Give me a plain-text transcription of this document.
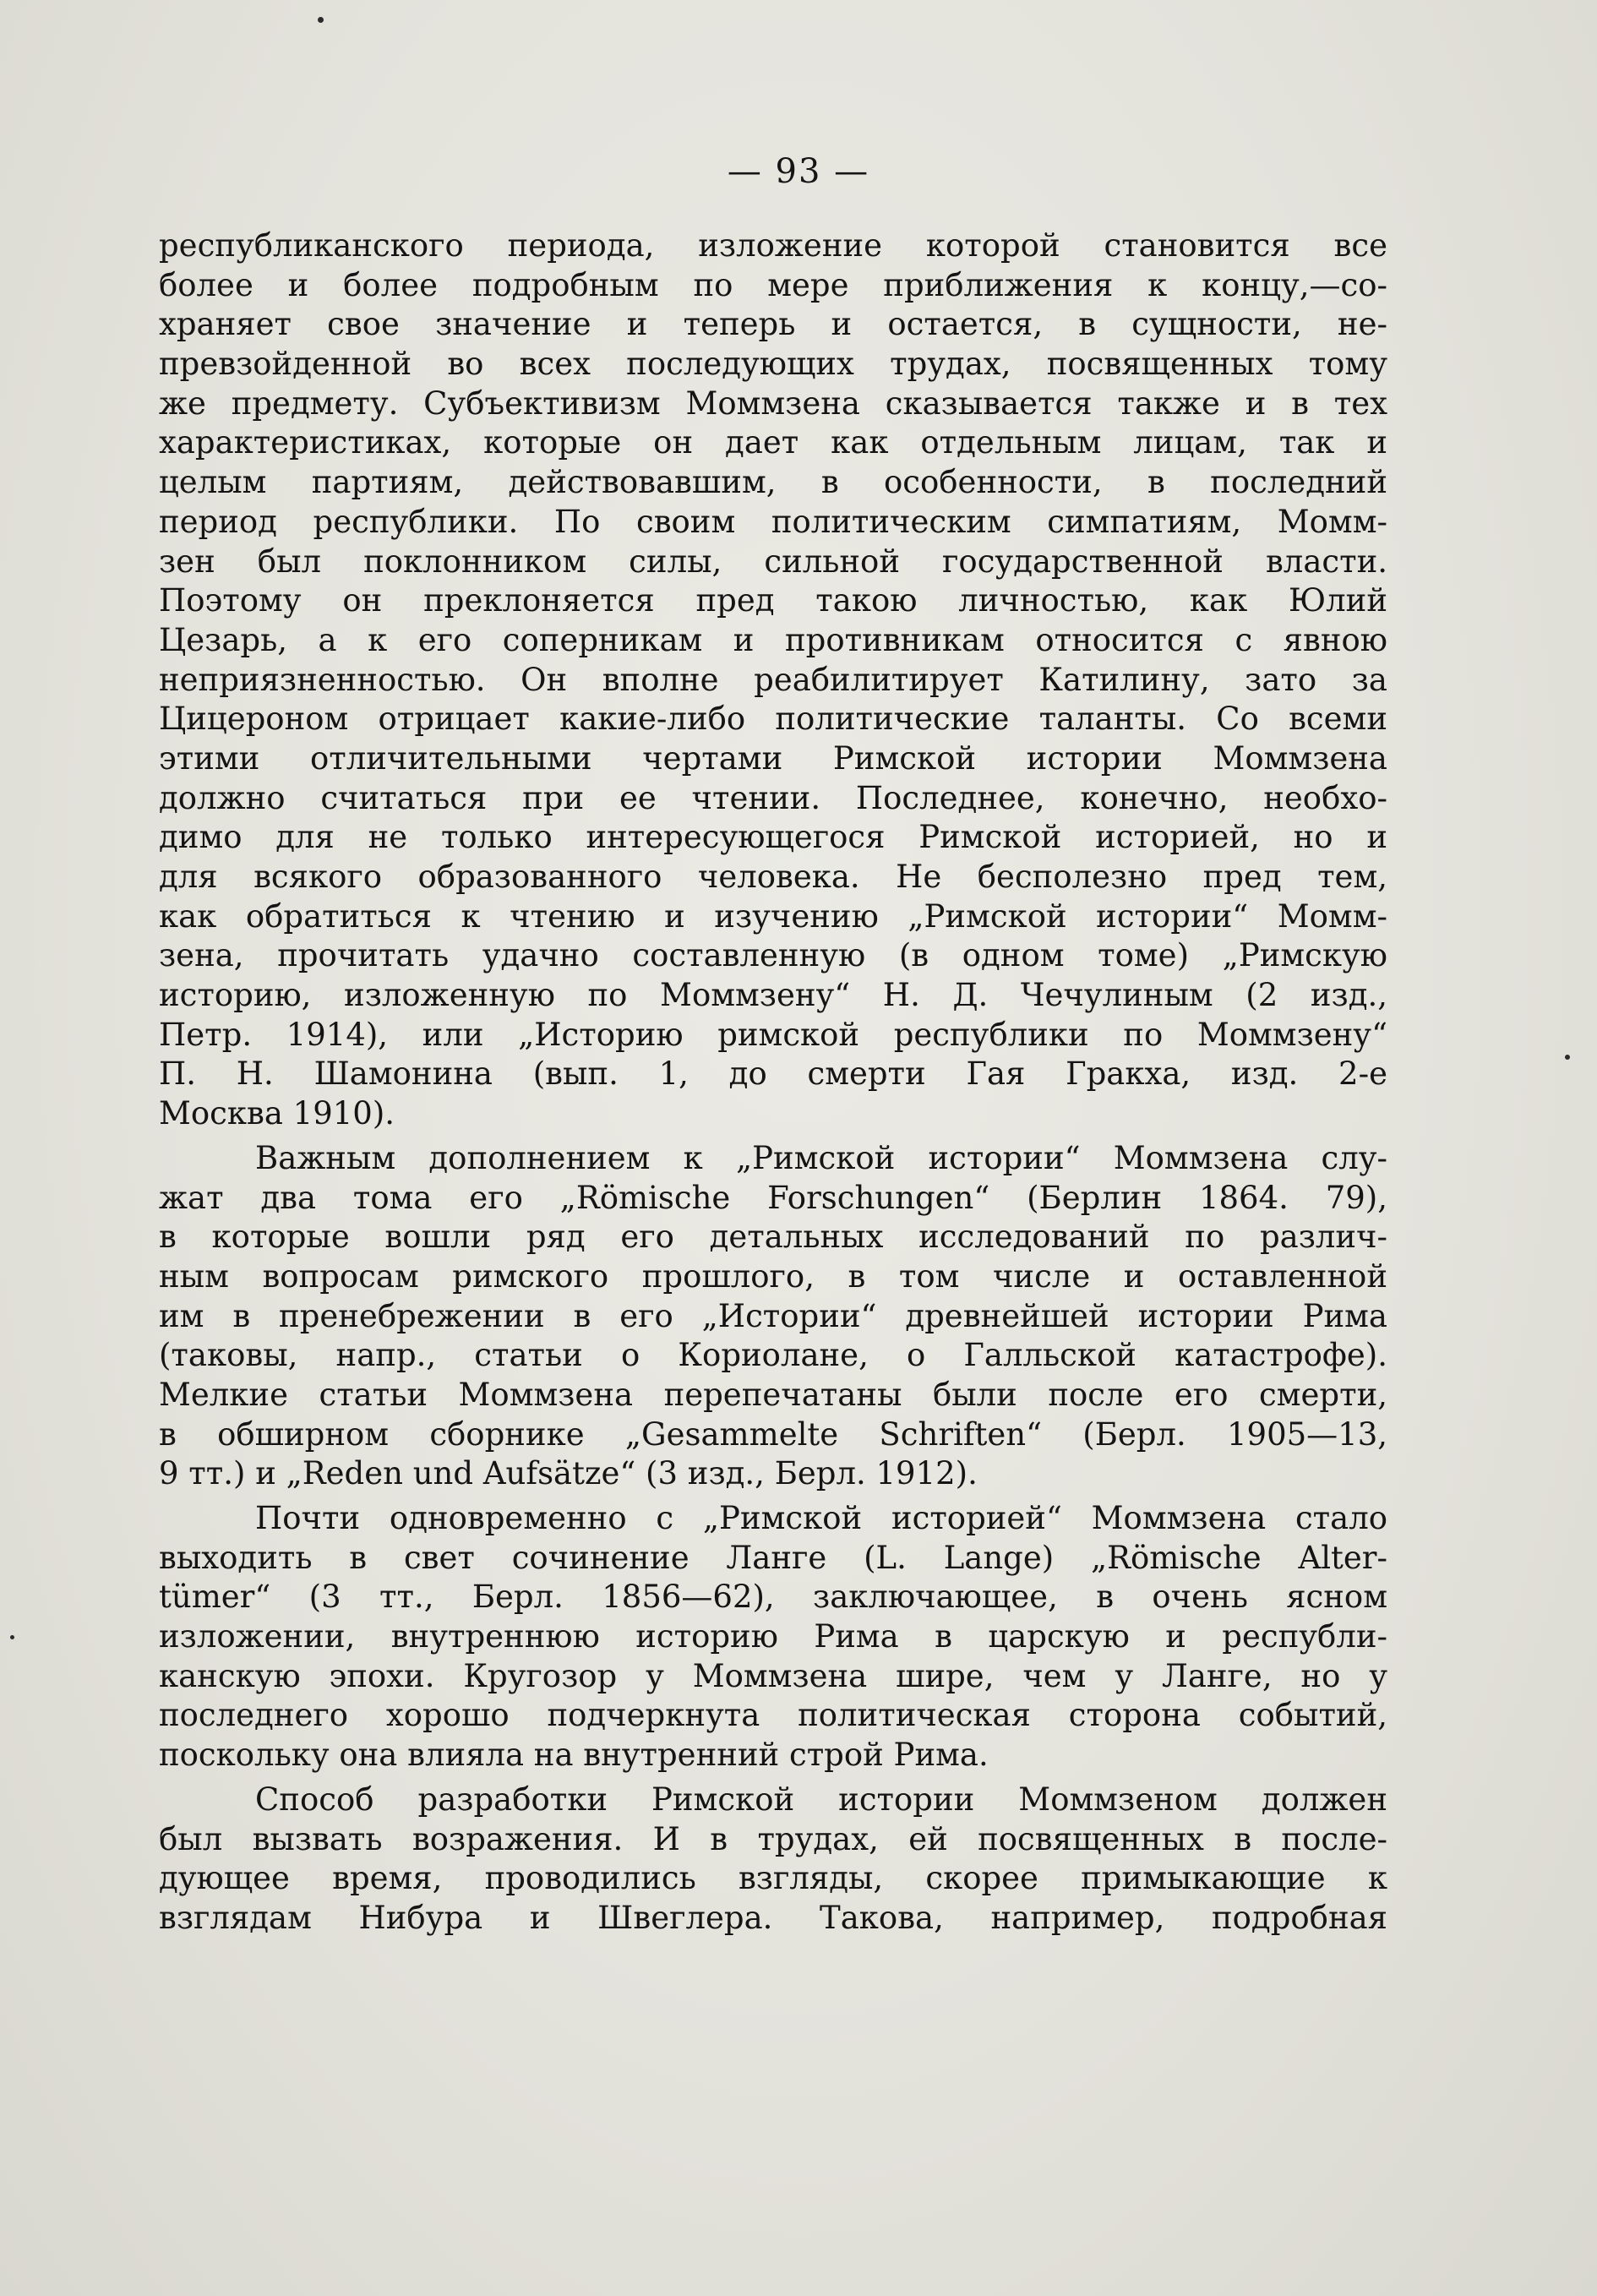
— 93 —
республиканского периода, изложение которой становится все
более и более подробным по мере приближения к концу,—со-
храняет свое значение и теперь и остается, в сущности, не-
превзойденной во всех последующих трудах, посвященных тому
же предмету. Субъективизм Моммзена сказывается также и в тех
характеристиках, которые он дает как отдельным лицам, так и
целым партиям, действовавшим, в особенности, в последний
период республики. По своим политическим симпатиям, Момм-
зен был поклонником силы, сильной государственной власти.
Поэтому он преклоняется пред такою личностью, как Юлий
Цезарь, а к его соперникам и противникам относится с явною
неприязненностью. Он вполне реабилитирует Катилину, зато за
Цицероном отрицает какие-либо политические таланты. Со всеми
этими отличительными чертами Римской истории Моммзена
должно считаться при ее чтении. Последнее, конечно, необхо-
димо для не только интересующегося Римской историей, но и
для всякого образованного человека. Не бесполезно пред тем,
как обратиться к чтению и изучению „Римской истории“ Момм-
зена, прочитать удачно составленную (в одном томе) „Римскую
историю, изложенную по Моммзену“ Н. Д. Чечулиным (2 изд.,
Петр. 1914), или „Историю римской республики по Моммзену“
П. Н. Шамонина (вып. 1, до смерти Гая Гракха, изд. 2-е
Москва 1910).
Важным дополнением к „Римской истории“ Моммзена слу-
жат два тома его „Römische Forschungen“ (Берлин 1864. 79),
в которые вошли ряд его детальных исследований по различ-
ным вопросам римского прошлого, в том числе и оставленной
им в пренебрежении в его „Истории“ древнейшей истории Рима
(таковы, напр., статьи о Кориолане, о Галльской катастрофе).
Мелкие статьи Моммзена перепечатаны были после его смерти,
в обширном сборнике „Gesammelte Schriften“ (Берл. 1905—13,
9 тт.) и „Reden und Aufsätze“ (3 изд., Берл. 1912).
Почти одновременно с „Римской историей“ Моммзена стало
выходить в свет сочинение Ланге (L. Lange) „Römische Alter-
tümer“ (3 тт., Берл. 1856—62), заключающее, в очень ясном
изложении, внутреннюю историю Рима в царскую и республи-
канскую эпохи. Кругозор у Моммзена шире, чем у Ланге, но у
последнего хорошо подчеркнута политическая сторона событий,
поскольку она влияла на внутренний строй Рима.
Способ разработки Римской истории Моммзеном должен
был вызвать возражения. И в трудах, ей посвященных в после-
дующее время, проводились взгляды, скорее примыкающие к
взглядам Нибура и Швеглера. Такова, например, подробная
